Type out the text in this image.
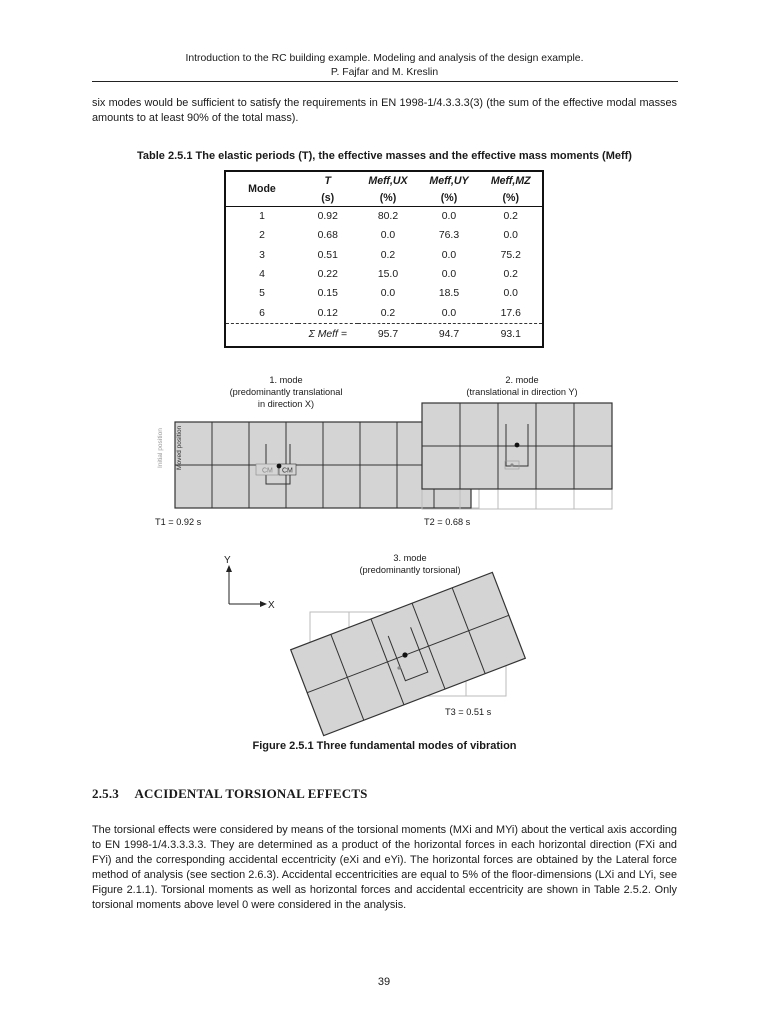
Introduction to the RC building example. Modeling and analysis of the design example.
P. Fajfar and M. Kreslin
six modes would be sufficient to satisfy the requirements in EN 1998-1/4.3.3.3(3) (the sum of the effective modal masses amounts to at least 90% of the total mass).
Table 2.5.1 The elastic periods (T), the effective masses and the effective mass moments (Meff)
Mode	T	Meff,UX	Meff,UY	Meff,MZ
	(s)	(%)	(%)	(%)
1	0.92	80.2	0.0	0.2
2	0.68	0.0	76.3	0.0
3	0.51	0.2	0.0	75.2
4	0.22	15.0	0.0	0.2
5	0.15	0.0	18.5	0.0
6	0.12	0.2	0.0	17.6
	Σ Meff =	95.7	94.7	93.1
CM CM
Initial position Moved position
Y
X
1. mode
(predominantly translational
in direction X)
2. mode
(translational in direction Y)
3. mode
(predominantly torsional)
T1 = 0.92 s	T2 = 0.68 s
T3 = 0.51 s
Figure 2.5.1 Three fundamental modes of vibration
2.5.3 ACCIDENTAL TORSIONAL EFFECTS
The torsional effects were considered by means of the torsional moments (MXi and MYi) about the vertical axis according to EN 1998-1/4.3.3.3.3. They are determined as a product of the horizontal forces in each horizontal direction (FXi and FYi) and the corresponding accidental eccentricity (eXi and eYi). The horizontal forces are obtained by the Lateral force method of analysis (see section 2.6.3). Accidental eccentricities are equal to 5% of the floor-dimensions (LXi and LYi, see Figure 2.1.1). Torsional moments as well as horizontal forces and accidental eccentricity are shown in Table 2.5.2. Only torsional moments above level 0 were considered in the analysis.
39
